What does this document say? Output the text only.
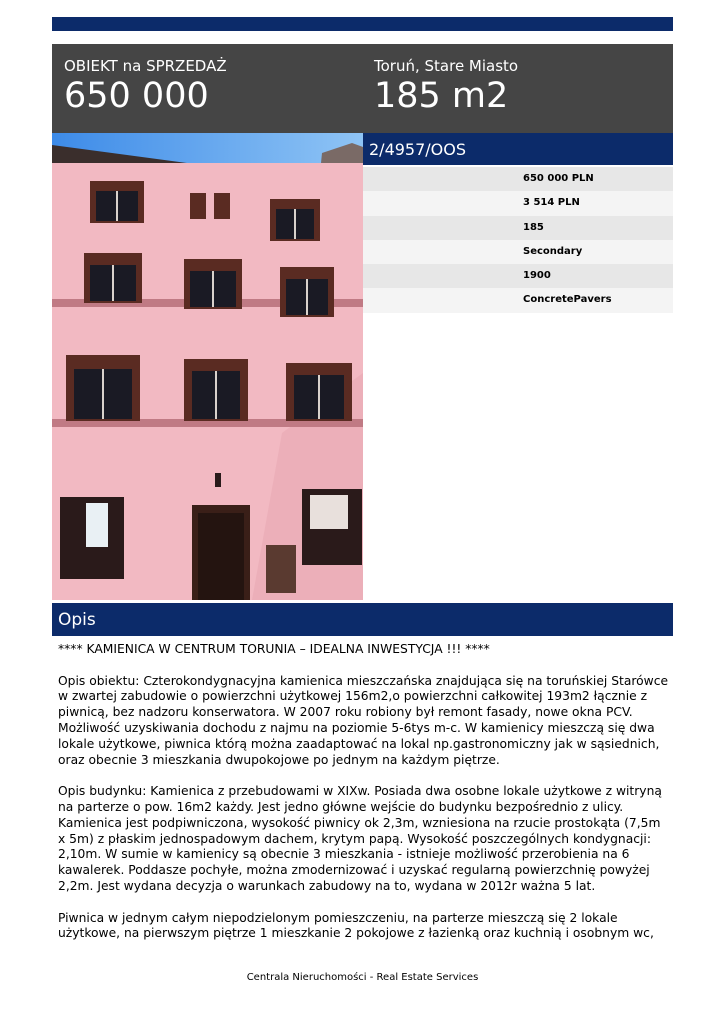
OBIEKT na SPRZEDAŻ
650 000
Toruń, Stare Miasto
185 m2
2/4957/OOS
650 000 PLN
3 514 PLN
185
Secondary
1900
ConcretePavers
Opis

**** KAMIENICA W CENTRUM TORUNIA – IDEALNA INWESTYCJA !!! ****

Opis obiektu: Czterokondygnacyjna kamienica mieszczańska znajdująca się na toruńskiej Starówce w zwartej zabudowie o powierzchni użytkowej 156m2,o powierzchni całkowitej 193m2 łącznie z piwnicą, bez nadzoru konserwatora. W 2007 roku robiony był remont fasady, nowe okna PCV. Możliwość uzyskiwania dochodu z najmu na poziomie 5-6tys m-c. W kamienicy mieszczą się dwa lokale użytkowe, piwnica którą można zaadaptować na lokal np.gastronomiczny jak w sąsiednich, oraz obecnie 3 mieszkania dwupokojowe po jednym na każdym piętrze.

Opis budynku: Kamienica z przebudowami w XIXw. Posiada dwa osobne lokale użytkowe z witryną na parterze o pow. 16m2 każdy. Jest jedno główne wejście do budynku bezpośrednio z ulicy. Kamienica jest podpiwniczona, wysokość piwnicy ok 2,3m, wzniesiona na rzucie prostokąta (7,5m x 5m) z płaskim jednospadowym dachem, krytym papą. Wysokość poszczególnych kondygnacji: 2,10m. W sumie w kamienicy są obecnie 3 mieszkania - istnieje możliwość przerobienia na 6 kawalerek. Poddasze pochyłe, można zmodernizować i uzyskać regularną powierzchnię powyżej 2,2m. Jest wydana decyzja o warunkach zabudowy na to, wydana w 2012r ważna 5 lat.

Piwnica w jednym całym niepodzielonym pomieszczeniu, na parterze mieszczą się 2 lokale użytkowe, na pierwszym piętrze 1 mieszkanie 2 pokojowe z łazienką oraz kuchnią i osobnym wc,

Centrala Nieruchomości - Real Estate Services
